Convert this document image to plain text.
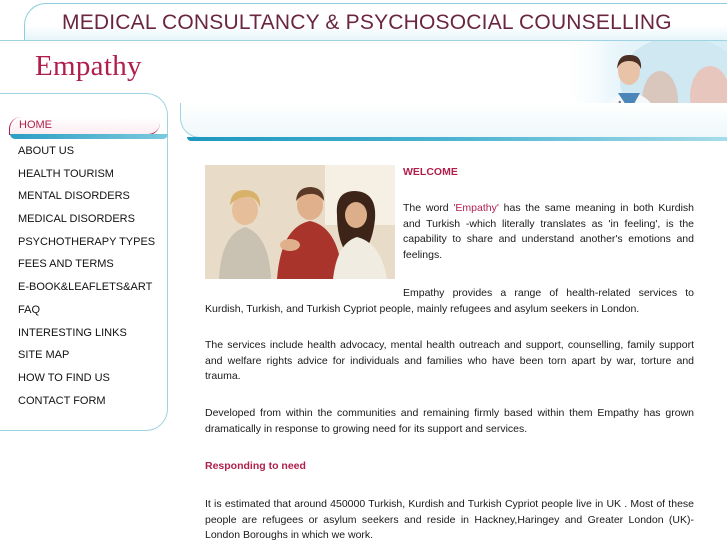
MEDICAL CONSULTANCY & PSYCHOSOCIAL COUNSELLING
Empathy
HOME
ABOUT US
HEALTH TOURISM
MENTAL DISORDERS
MEDICAL DISORDERS
PSYCHOTHERAPY TYPES
FEES AND TERMS
E-BOOK&LEAFLETS&ART
FAQ
INTERESTING LINKS
SITE MAP
HOW TO FIND US
CONTACT FORM
WELCOME
The word 'Empathy' has the same meaning in both Kurdish and Turkish -which literally translates as 'in feeling', is the capability to share and understand another's emotions and feelings.
Empathy provides a range of health-related services to Kurdish, Turkish, and Turkish Cypriot people, mainly refugees and asylum seekers in London.
The services include health advocacy, mental health outreach and support, counselling, family support and welfare rights advice for individuals and families who have been torn apart by war, torture and trauma.
Developed from within the communities and remaining firmly based within them Empathy has grown dramatically in response to growing need for its support and services.
Responding to need
It is estimated that around 450000 Turkish, Kurdish and Turkish Cypriot people live in UK . Most of these people are refugees or asylum seekers and reside in Hackney,Haringey and Greater London (UK)-London Boroughs in which we work.
